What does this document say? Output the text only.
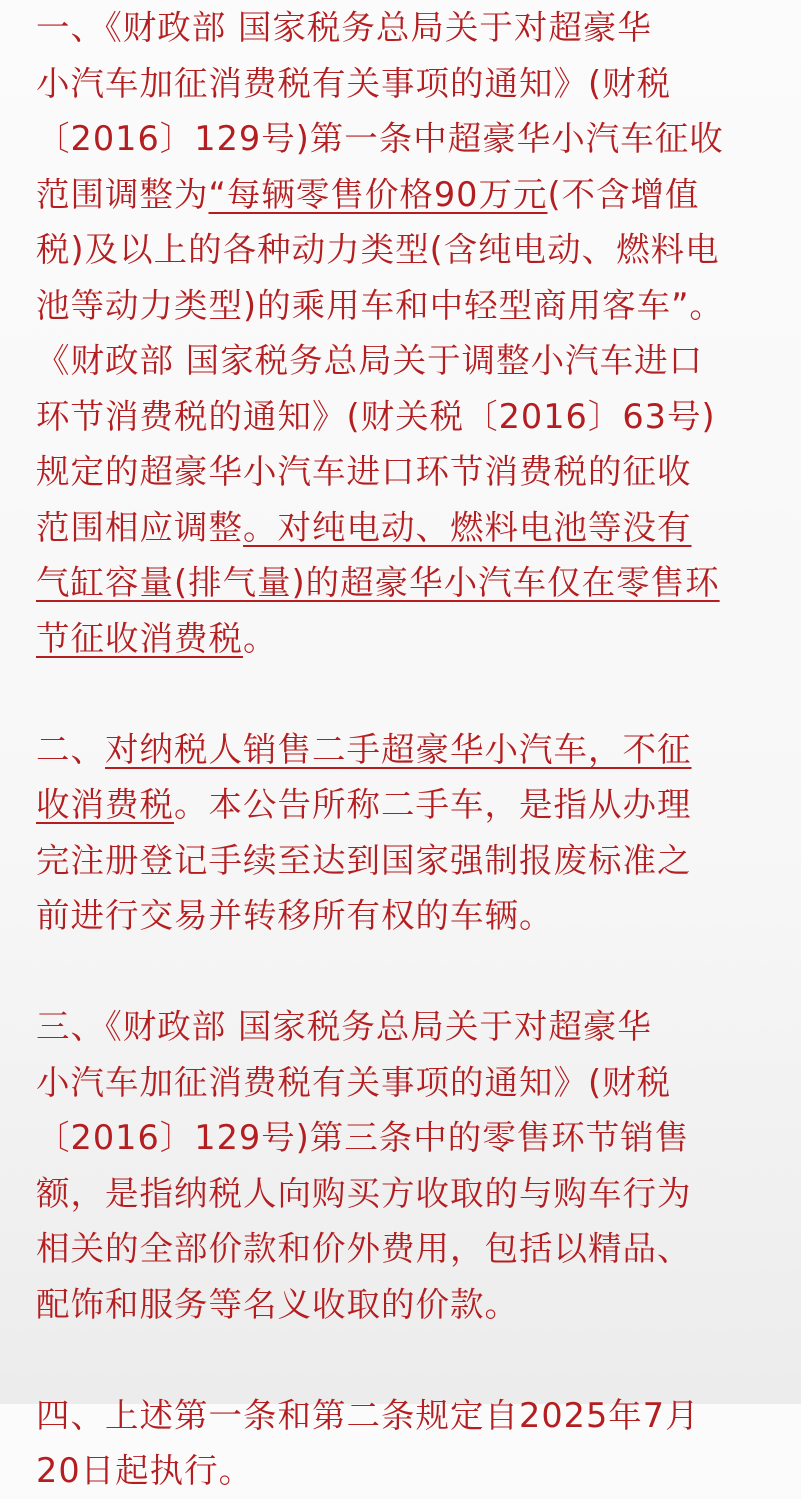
一、《财政部 国家税务总局关于对超豪华
小汽车加征消费税有关事项的通知》(财税
〔2016〕129号)第一条中超豪华小汽车征收
范围调整为“每辆零售价格90万元(不含增值
税)及以上的各种动力类型(含纯电动、燃料电
池等动力类型)的乘用车和中轻型商用客车”。
《财政部 国家税务总局关于调整小汽车进口
环节消费税的通知》(财关税〔2016〕63号)
规定的超豪华小汽车进口环节消费税的征收
范围相应调整。对纯电动、燃料电池等没有
气缸容量(排气量)的超豪华小汽车仅在零售环
节征收消费税。
二、对纳税人销售二手超豪华小汽车，不征
收消费税。本公告所称二手车，是指从办理
完注册登记手续至达到国家强制报废标准之
前进行交易并转移所有权的车辆。
三、《财政部 国家税务总局关于对超豪华
小汽车加征消费税有关事项的通知》(财税
〔2016〕129号)第三条中的零售环节销售
额，是指纳税人向购买方收取的与购车行为
相关的全部价款和价外费用，包括以精品、
配饰和服务等名义收取的价款。
四、上述第一条和第二条规定自2025年7月
20日起执行。
